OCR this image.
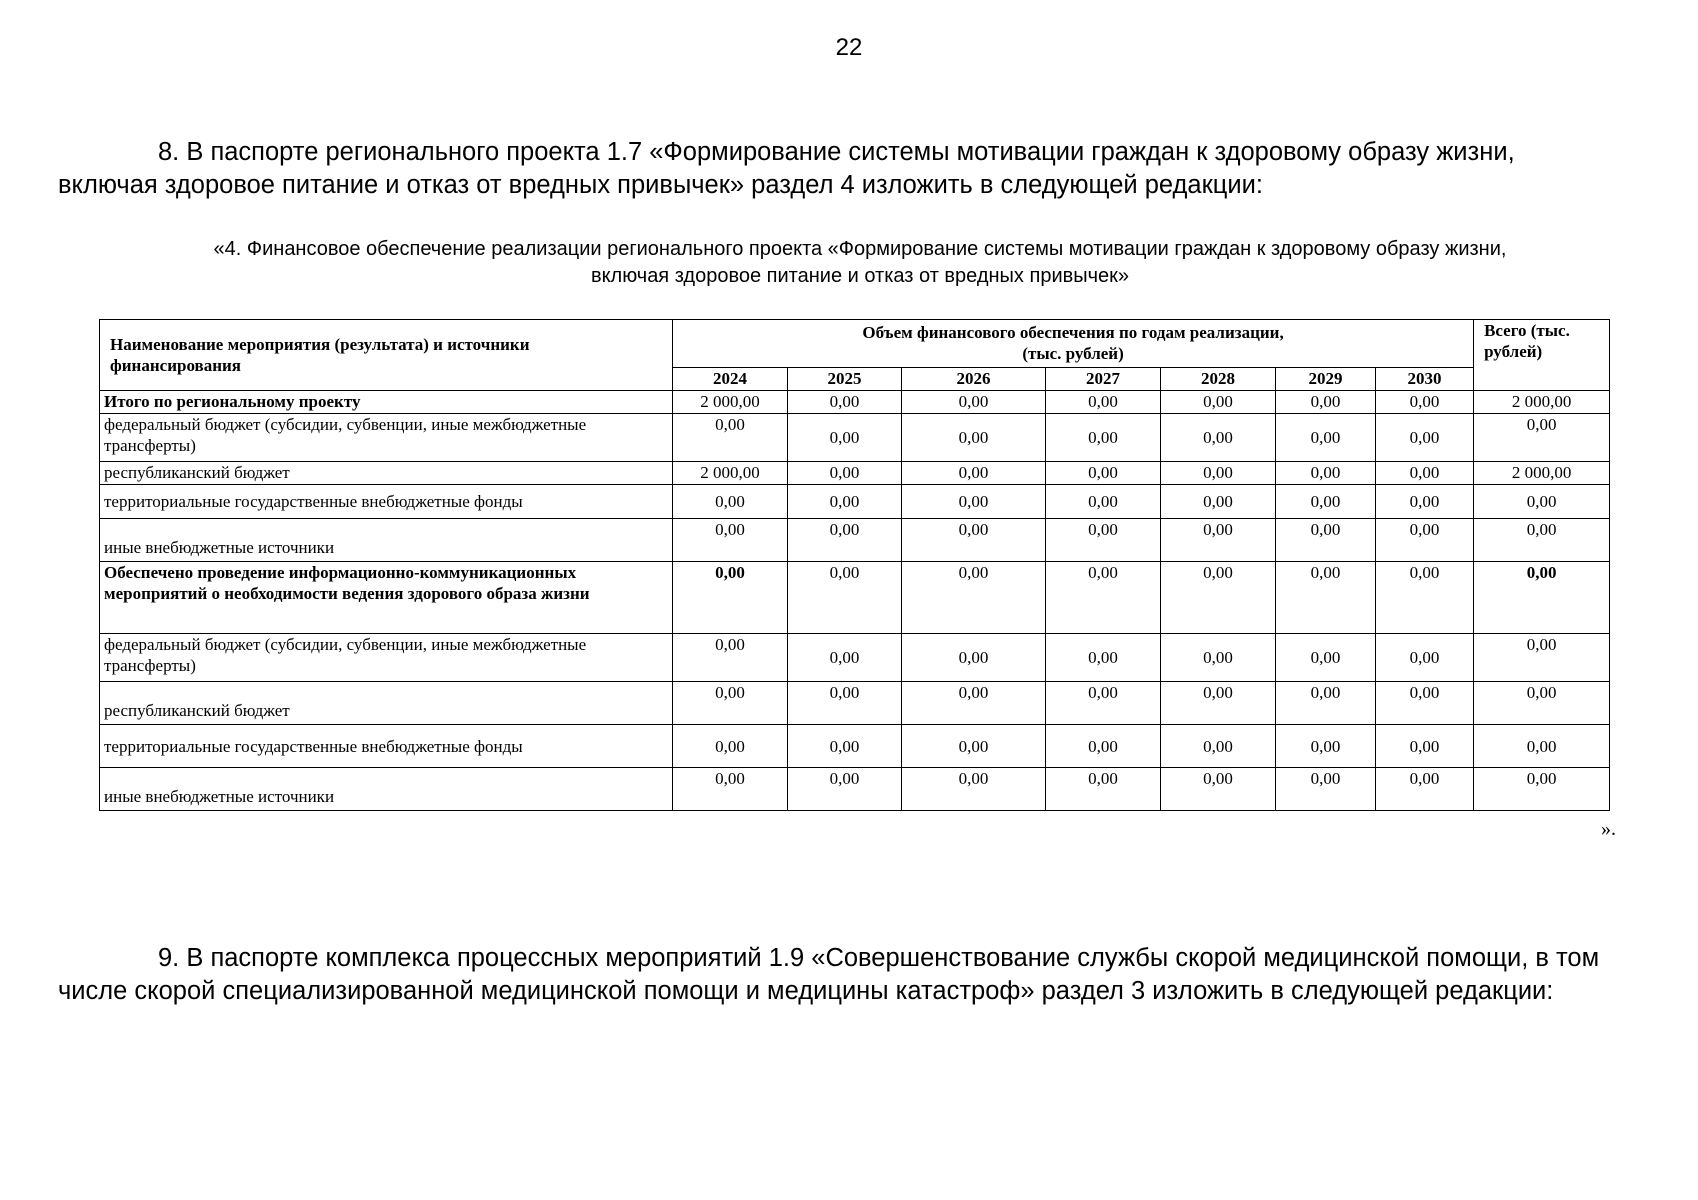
22
8. В паспорте регионального проекта 1.7 «Формирование системы мотивации граждан к здоровому образу жизни,
включая здоровое питание и отказ от вредных привычек» раздел 4 изложить в следующей редакции:
«4. Финансовое обеспечение реализации регионального проекта «Формирование системы мотивации граждан к здоровому образу жизни,
включая здоровое питание и отказ от вредных привычек»
Наименование мероприятия (результата) и источники финансирования	Объем финансового обеспечения по годам реализации,
(тыс. рублей)							Всего (тыс. рублей)
	2024	2025	2026	2027	2028	2029	2030	
Итого по региональному проекту	2 000,00	0,00	0,00	0,00	0,00	0,00	0,00	2 000,00
федеральный бюджет (субсидии, субвенции, иные межбюджетные трансферты)	0,00	0,00	0,00	0,00	0,00	0,00	0,00	0,00
республиканский бюджет	2 000,00	0,00	0,00	0,00	0,00	0,00	0,00	2 000,00
территориальные государственные внебюджетные фонды	0,00	0,00	0,00	0,00	0,00	0,00	0,00	0,00
иные внебюджетные источники	0,00	0,00	0,00	0,00	0,00	0,00	0,00	0,00
Обеспечено проведение информационно-коммуникационных мероприятий о необходимости ведения здорового образа жизни	0,00	0,00	0,00	0,00	0,00	0,00	0,00	0,00
федеральный бюджет (субсидии, субвенции, иные межбюджетные трансферты)	0,00	0,00	0,00	0,00	0,00	0,00	0,00	0,00
республиканский бюджет	0,00	0,00	0,00	0,00	0,00	0,00	0,00	0,00
территориальные государственные внебюджетные фонды	0,00	0,00	0,00	0,00	0,00	0,00	0,00	0,00
иные внебюджетные источники	0,00	0,00	0,00	0,00	0,00	0,00	0,00	0,00
».
9. В паспорте комплекса процессных мероприятий 1.9 «Совершенствование службы скорой медицинской помощи, в том
числе скорой специализированной медицинской помощи и медицины катастроф» раздел 3 изложить в следующей редакции:
